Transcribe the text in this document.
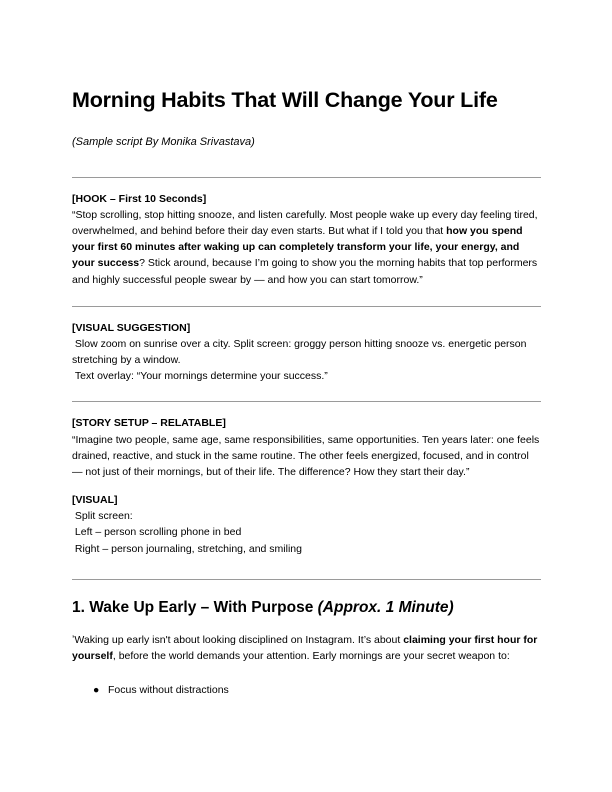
Morning Habits That Will Change Your Life

(Sample script By Monika Srivastava)

[HOOK – First 10 Seconds]

“Stop scrolling, stop hitting snooze, and listen carefully. Most people wake up every day feeling tired, overwhelmed, and behind before their day even starts. But what if I told you that how you spend your first 60 minutes after waking up can completely transform your life, your energy, and your success? Stick around, because I’m going to show you the morning habits that top performers and highly successful people swear by — and how you can start tomorrow.”

[VISUAL SUGGESTION]

Slow zoom on sunrise over a city. Split screen: groggy person hitting snooze vs. energetic person stretching by a window.
Text overlay: “Your mornings determine your success.”

[STORY SETUP – RELATABLE]

“Imagine two people, same age, same responsibilities, same opportunities. Ten years later: one feels drained, reactive, and stuck in the same routine. The other feels energized, focused, and in control — not just of their mornings, but of their life. The difference? How they start their day.”

[VISUAL]

Split screen:
Left – person scrolling phone in bed
Right – person journaling, stretching, and smiling
1. Wake Up Early – With Purpose (Approx. 1 Minute)

ʼWaking up early isn't about looking disciplined on Instagram. It’s about claiming your first hour for yourself, before the world demands your attention. Early mornings are your secret weapon to:

● Focus without distractions
